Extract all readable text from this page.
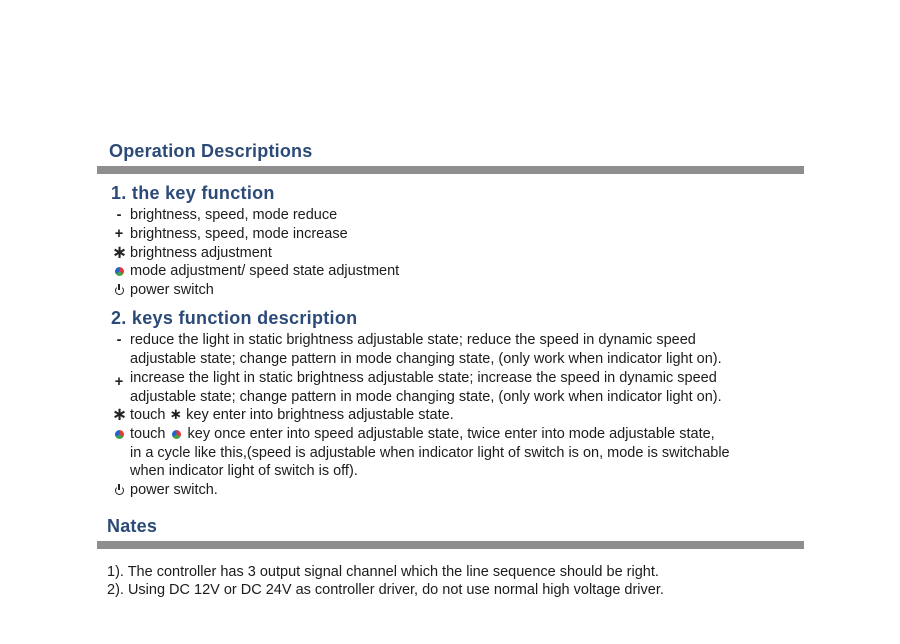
Operation Descriptions
1. the key function
- brightness, speed, mode reduce
+ brightness, speed, mode increase
∗ brightness adjustment
mode adjustment/ speed state adjustment
power switch
2. keys function description
- reduce the light in static brightness adjustable state; reduce the speed in dynamic speed
adjustable state; change pattern in mode changing state, (only work when indicator light on).
+ increase the light in static brightness adjustable state; increase the speed in dynamic speed
adjustable state; change pattern in mode changing state, (only work when indicator light on).
∗ touch ∗ key enter into brightness adjustable state.
touch key once enter into speed adjustable state, twice enter into mode adjustable state,
in a cycle like this,(speed is adjustable when indicator light of switch is on, mode is switchable
when indicator light of switch is off).
power switch.
Nates
1). The controller has 3 output signal channel which the line sequence should be right.
2). Using DC 12V or DC 24V as controller driver, do not use normal high voltage driver.
